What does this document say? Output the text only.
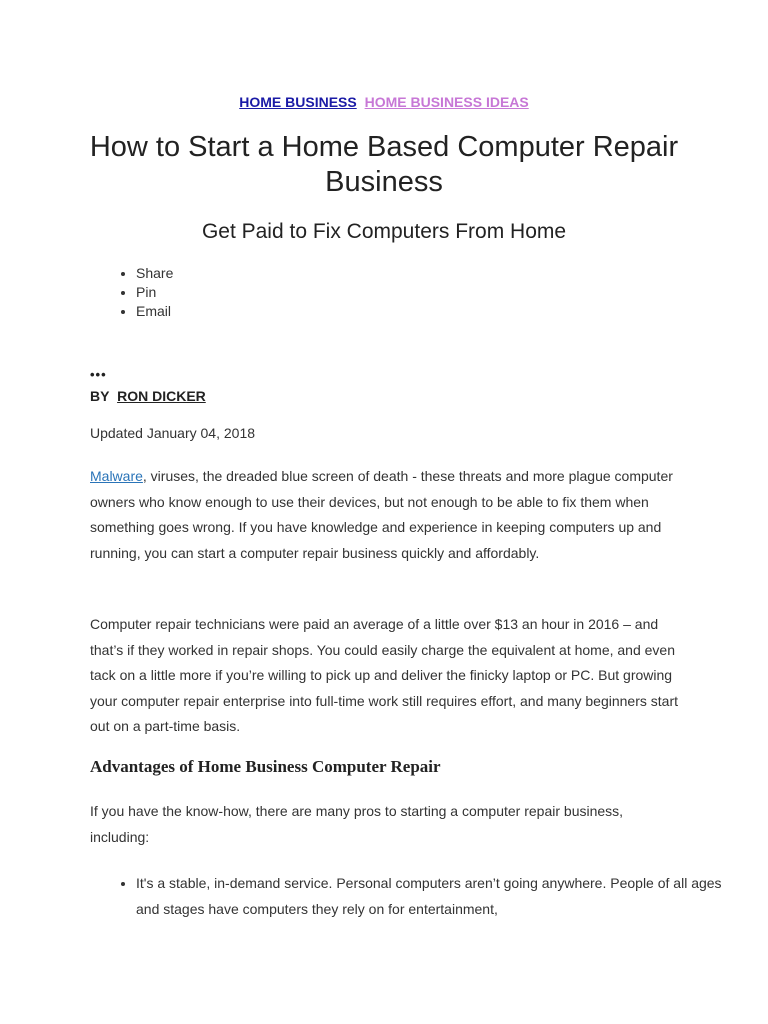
HOME BUSINESS HOME BUSINESS IDEAS
How to Start a Home Based Computer Repair Business
Get Paid to Fix Computers From Home
• Share
• Pin
• Email
•••
BY RON DICKER
Updated January 04, 2018

Malware, viruses, the dreaded blue screen of death - these threats and more plague computer owners who know enough to use their devices, but not enough to be able to fix them when something goes wrong. If you have knowledge and experience in keeping computers up and running, you can start a computer repair business quickly and affordably.

Computer repair technicians were paid an average of a little over $13 an hour in 2016 – and that’s if they worked in repair shops. You could easily charge the equivalent at home, and even tack on a little more if you’re willing to pick up and deliver the finicky laptop or PC. But growing your computer repair enterprise into full-time work still requires effort, and many beginners start out on a part-time basis.

Advantages of Home Business Computer Repair

If you have the know-how, there are many pros to starting a computer repair business, including:

• It's a stable, in-demand service. Personal computers aren’t going anywhere. People of all ages and stages have computers they rely on for entertainment,
